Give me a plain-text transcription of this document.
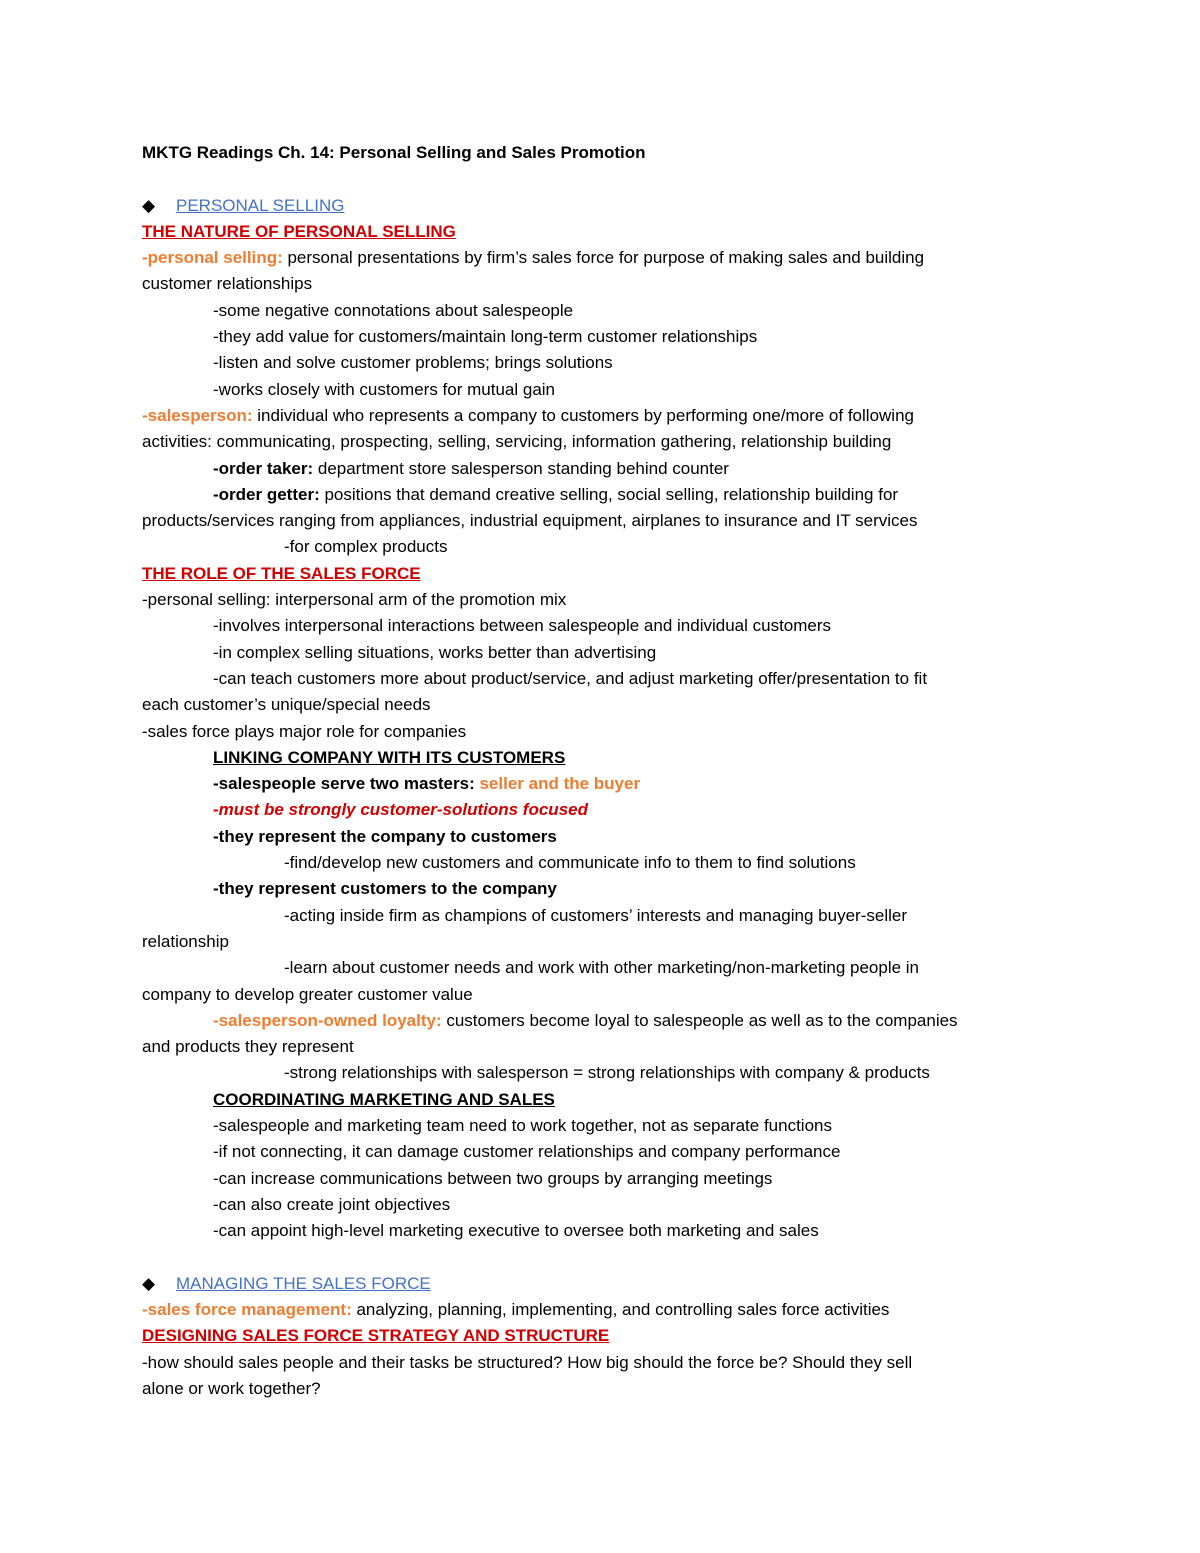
MKTG Readings Ch. 14: Personal Selling and Sales Promotion
◆ PERSONAL SELLING
THE NATURE OF PERSONAL SELLING
-personal selling: personal presentations by firm’s sales force for purpose of making sales and building
customer relationships
-some negative connotations about salespeople
-they add value for customers/maintain long-term customer relationships
-listen and solve customer problems; brings solutions
-works closely with customers for mutual gain
-salesperson: individual who represents a company to customers by performing one/more of following
activities: communicating, prospecting, selling, servicing, information gathering, relationship building
-order taker: department store salesperson standing behind counter
-order getter: positions that demand creative selling, social selling, relationship building for
products/services ranging from appliances, industrial equipment, airplanes to insurance and IT services
-for complex products
THE ROLE OF THE SALES FORCE
-personal selling: interpersonal arm of the promotion mix
-involves interpersonal interactions between salespeople and individual customers
-in complex selling situations, works better than advertising
-can teach customers more about product/service, and adjust marketing offer/presentation to fit
each customer’s unique/special needs
-sales force plays major role for companies
LINKING COMPANY WITH ITS CUSTOMERS
-salespeople serve two masters: seller and the buyer
-must be strongly customer-solutions focused
-they represent the company to customers
-find/develop new customers and communicate info to them to find solutions
-they represent customers to the company
-acting inside firm as champions of customers’ interests and managing buyer-seller
relationship
-learn about customer needs and work with other marketing/non-marketing people in
company to develop greater customer value
-salesperson-owned loyalty: customers become loyal to salespeople as well as to the companies
and products they represent
-strong relationships with salesperson = strong relationships with company & products
COORDINATING MARKETING AND SALES
-salespeople and marketing team need to work together, not as separate functions
-if not connecting, it can damage customer relationships and company performance
-can increase communications between two groups by arranging meetings
-can also create joint objectives
-can appoint high-level marketing executive to oversee both marketing and sales
◆ MANAGING THE SALES FORCE
-sales force management: analyzing, planning, implementing, and controlling sales force activities
DESIGNING SALES FORCE STRATEGY AND STRUCTURE
-how should sales people and their tasks be structured? How big should the force be? Should they sell
alone or work together?
